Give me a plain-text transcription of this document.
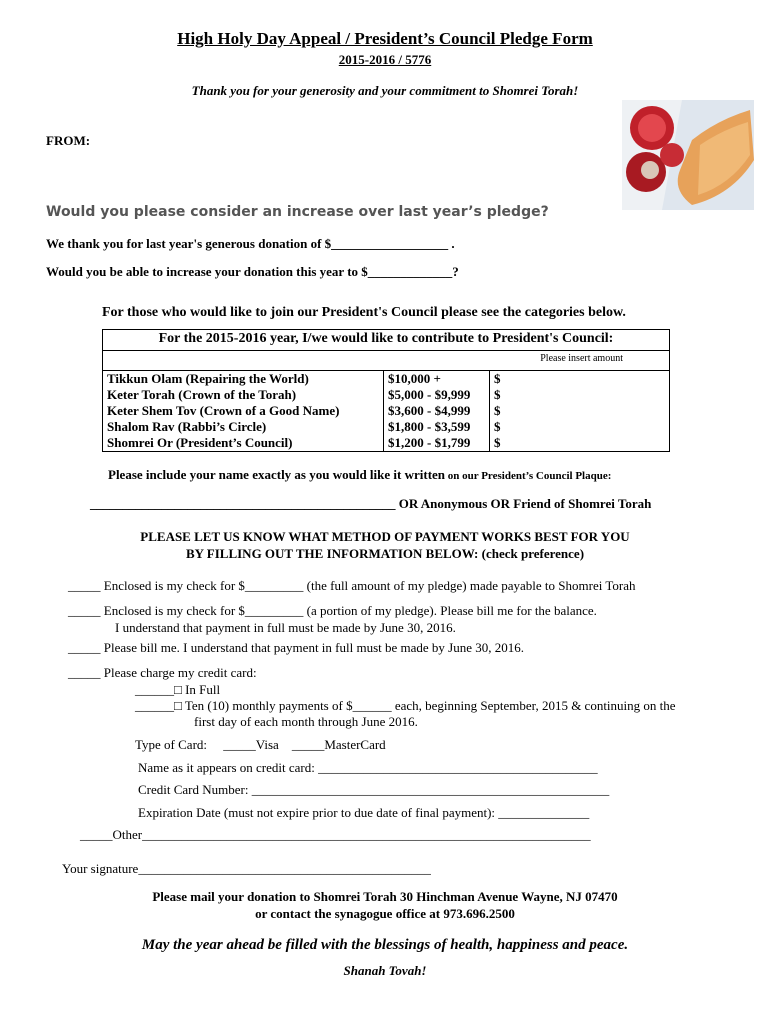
High Holy Day Appeal / President’s Council Pledge Form
2015-2016 / 5776
Thank you for your generosity and your commitment to Shomrei Torah!
FROM:
Would you please consider an increase over last year’s pledge?
We thank you for last year's generous donation of $__________________ .
Would you be able to increase your donation this year to $_____________?
For those who would like to join our President's Council please see the categories below.
For the 2015-2016 year, I/we would like to contribute to President's Council:		
Please insert amount		
Tikkun Olam (Repairing the World)	$10,000 +	$
Keter Torah (Crown of the Torah)	$5,000 - $9,999	$
Keter Shem Tov (Crown of a Good Name)	$3,600 - $4,999	$
Shalom Rav (Rabbi’s Circle)	$1,800 - $3,599	$
Shomrei Or (President’s Council)	$1,200 - $1,799	$
Please include your name exactly as you would like it written on our President’s Council Plaque:
_______________________________________________ OR Anonymous OR Friend of Shomrei Torah
PLEASE LET US KNOW WHAT METHOD OF PAYMENT WORKS BEST FOR YOU
BY FILLING OUT THE INFORMATION BELOW: (check preference)
_____ Enclosed is my check for $_________ (the full amount of my pledge) made payable to Shomrei Torah
_____ Enclosed is my check for $_________ (a portion of my pledge). Please bill me for the balance.
I understand that payment in full must be made by June 30, 2016.
_____ Please bill me. I understand that payment in full must be made by June 30, 2016.
_____ Please charge my credit card:
______□ In Full
______□ Ten (10) monthly payments of $______ each, beginning September, 2015 & continuing on the
first day of each month through June 2016.
Type of Card:     _____Visa    _____MasterCard
Name as it appears on credit card: ___________________________________________
Credit Card Number: _______________________________________________________
Expiration Date (must not expire prior to due date of final payment): ______________
_____Other_____________________________________________________________________
Your signature_____________________________________________
Please mail your donation to Shomrei Torah 30 Hinchman Avenue Wayne, NJ 07470
or contact the synagogue office at 973.696.2500
May the year ahead be filled with the blessings of health, happiness and peace.
Shanah Tovah!
